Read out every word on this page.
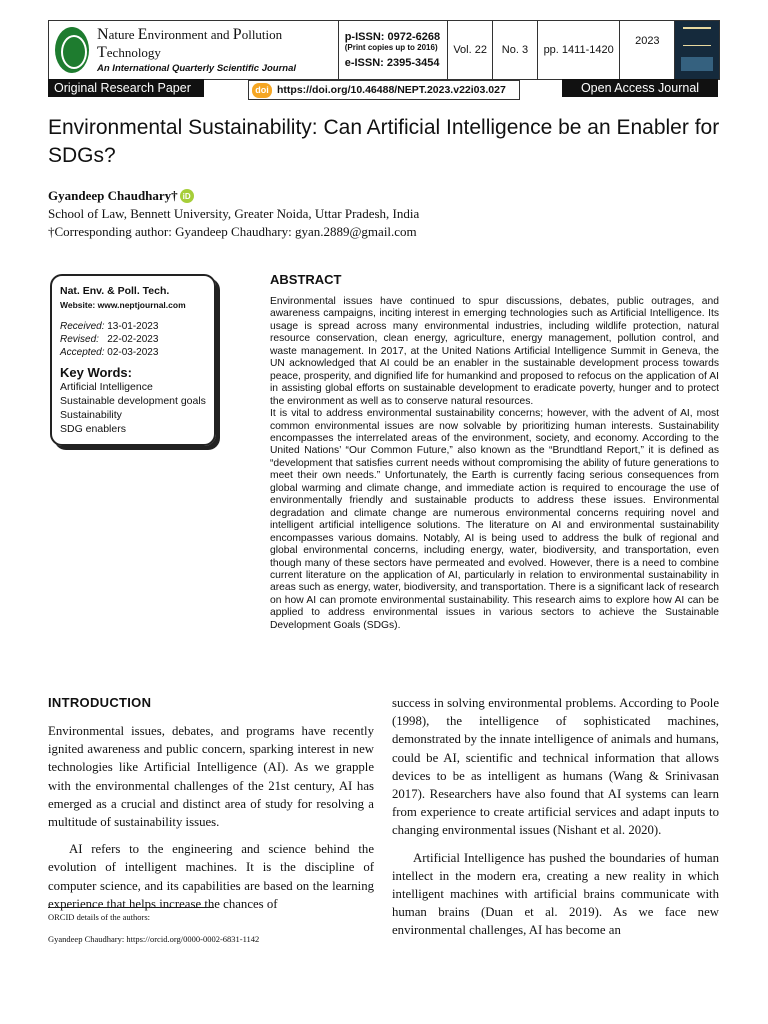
Nature Environment and Pollution Technology
An International Quarterly Scientific Journal
p-ISSN: 0972-6268
(Print copies up to 2016)
e-ISSN: 2395-3454
Vol. 22	No. 3	pp. 1411-1420
2023
Original Research Paper	doi https://doi.org/10.46488/NEPT.2023.v22i03.027	Open Access Journal
Environmental Sustainability: Can Artificial Intelligence be an Enabler for SDGs?
Gyandeep Chaudhary† iD
School of Law, Bennett University, Greater Noida, Uttar Pradesh, India
†Corresponding author: Gyandeep Chaudhary: gyan.2889@gmail.com
Nat. Env. & Poll. Tech.
Website: www.neptjournal.com
Received: 13-01-2023
Revised: 22-02-2023
Accepted: 02-03-2023
Key Words:
Artificial Intelligence
Sustainable development goals
Sustainability
SDG enablers
ABSTRACT

Environmental issues have continued to spur discussions, debates, public outrages, and awareness campaigns, inciting interest in emerging technologies such as Artificial Intelligence. Its usage is spread across many environmental industries, including wildlife protection, natural resource conservation, clean energy, agriculture, energy management, pollution control, and waste management. In 2017, at the United Nations Artificial Intelligence Summit in Geneva, the UN acknowledged that AI could be an enabler in the sustainable development process towards peace, prosperity, and dignified life for humankind and proposed to refocus on the application of AI in assisting global efforts on sustainable development to eradicate poverty, hunger and to protect the environment as well as to conserve natural resources.

It is vital to address environmental sustainability concerns; however, with the advent of AI, most common environmental issues are now solvable by prioritizing human interests. Sustainability encompasses the interrelated areas of the environment, society, and economy. According to the United Nations’ “Our Common Future,” also known as the “Brundtland Report,” it is defined as “development that satisfies current needs without compromising the ability of future generations to meet their own needs.” Unfortunately, the Earth is currently facing serious consequences from global warming and climate change, and immediate action is required to encourage the use of environmentally friendly and sustainable products to address these issues. Environmental degradation and climate change are numerous environmental concerns requiring novel and intelligent artificial intelligence solutions. The literature on AI and environmental sustainability encompasses various domains. Notably, AI is being used to address the bulk of regional and global environmental concerns, including energy, water, biodiversity, and transportation, even though many of these sectors have permeated and evolved. However, there is a need to combine current literature on the application of AI, particularly in relation to environmental sustainability in areas such as energy, water, biodiversity, and transportation. There is a significant lack of research on how AI can promote environmental sustainability. This research aims to explore how AI can be applied to address environmental issues in various sectors to achieve the Sustainable Development Goals (SDGs).

INTRODUCTION

Environmental issues, debates, and programs have recently ignited awareness and public concern, sparking interest in new technologies like Artificial Intelligence (AI). As we grapple with the environmental challenges of the 21st century, AI has emerged as a crucial and distinct area of study for resolving a multitude of sustainability issues.

AI refers to the engineering and science behind the evolution of intelligent machines. It is the discipline of computer science, and its capabilities are based on the learning experience that helps increase the chances of

success in solving environmental problems. According to Poole (1998), the intelligence of sophisticated machines, demonstrated by the innate intelligence of animals and humans, could be AI, scientific and technical information that allows devices to be as intelligent as humans (Wang & Srinivasan 2017). Researchers have also found that AI systems can learn from experience to create artificial services and adapt inputs to changing environmental issues (Nishant et al. 2020).

Artificial Intelligence has pushed the boundaries of human intellect in the modern era, creating a new reality in which intelligent machines with artificial brains communicate with human brains (Duan et al. 2019). As we face new environmental challenges, AI has become an

ORCID details of the authors:
Gyandeep Chaudhary: https://orcid.org/0000-0002-6831-1142
